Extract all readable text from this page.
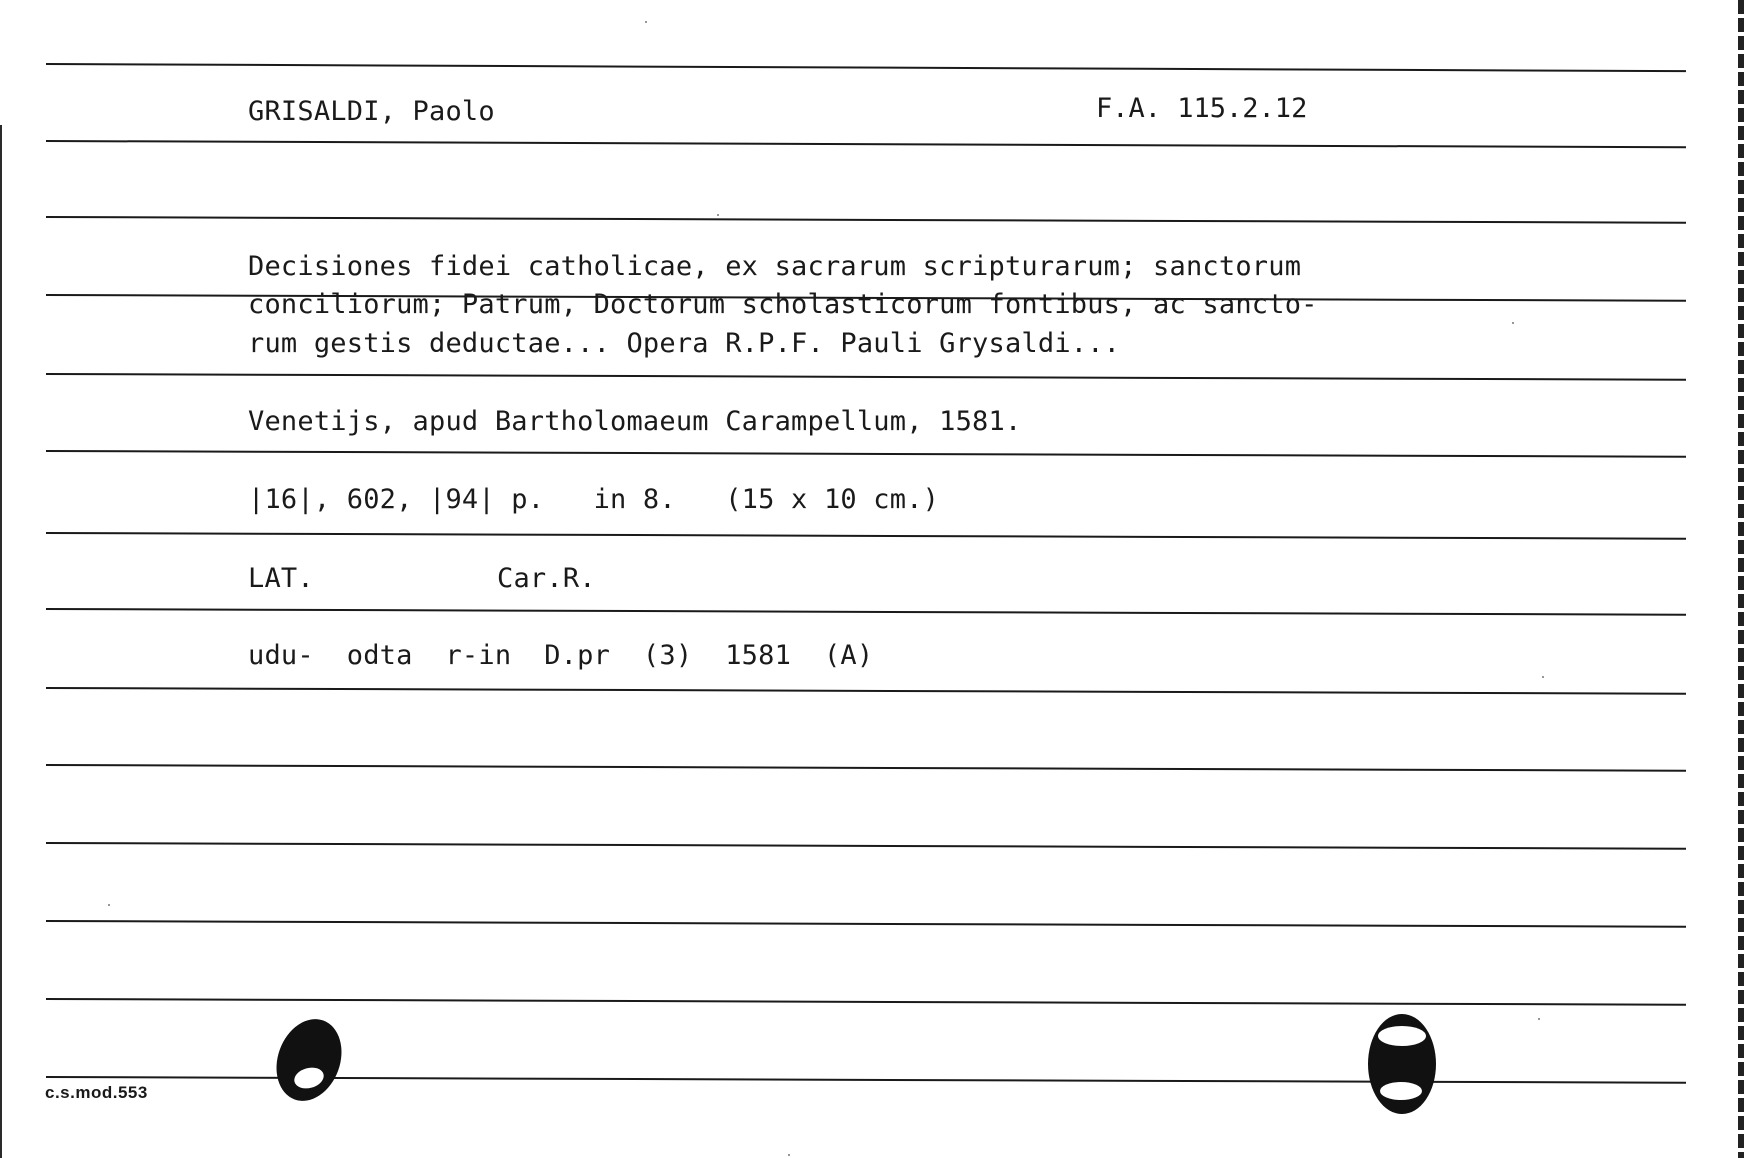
GRISALDI, Paolo	F.A. 115.2.12
Decisiones fidei catholicae, ex sacrarum scripturarum; sanctorum
conciliorum; Patrum, Doctorum scholasticorum fontibus, ac sancto-
rum gestis deductae... Opera R.P.F. Pauli Grysaldi...
Venetijs, apud Bartholomaeum Carampellum, 1581.
|16|, 602, |94| p.   in 8.   (15 x 10 cm.)
LAT.	Car.R.
udu-  odta  r-in  D.pr  (3)  1581  (A)
c.s.mod.553
